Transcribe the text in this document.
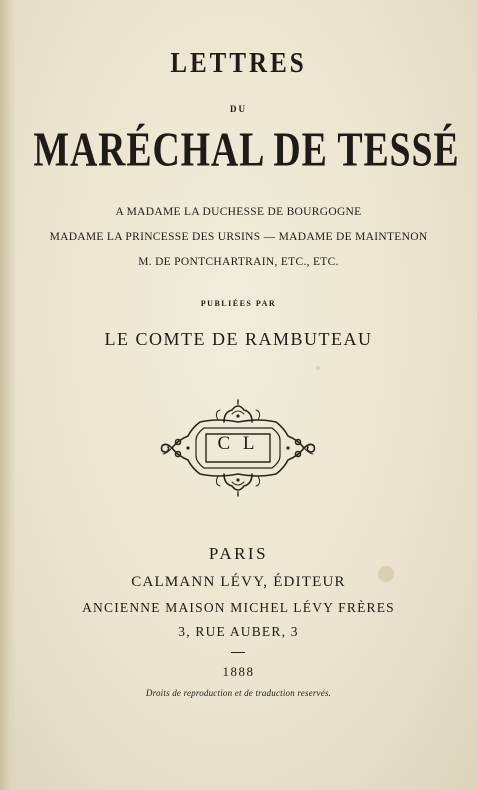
LETTRES
DU
MARÉCHAL DE TESSÉ
A MADAME LA DUCHESSE DE BOURGOGNE
MADAME LA PRINCESSE DES URSINS — MADAME DE MAINTENON
M. DE PONTCHARTRAIN, ETC., ETC.
PUBLIÉES PAR
LE COMTE DE RAMBUTEAU
C L
PARIS
CALMANN LÉVY, ÉDITEUR
ANCIENNE MAISON MICHEL LÉVY FRÈRES
3, RUE AUBER, 3
1888
Droits de reproduction et de traduction reservés.
